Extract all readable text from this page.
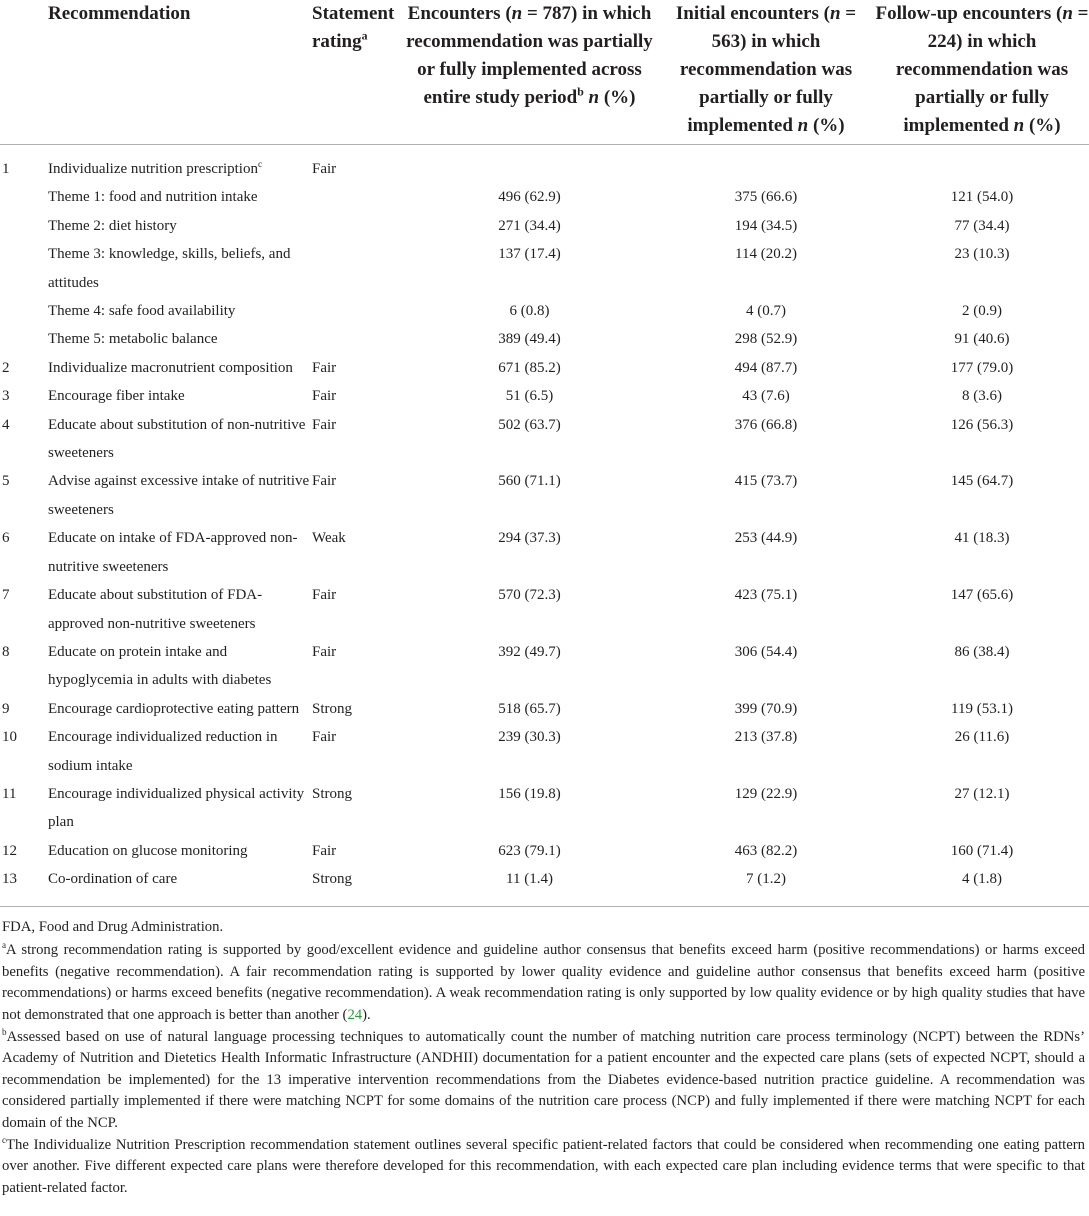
	Recommendation	Statement rating$^a$	Encounters (n = 787) in which recommendation was partially or fully implemented across entire study period$^b$ n (%)	Initial encounters (n = 563) in which recommendation was partially or fully implemented n (%)	Follow-up encounters (n = 224) in which recommendation was partially or fully implemented n (%)
1	Individualize nutrition prescription$^c$	Fair			
	Theme 1: food and nutrition intake		496 (62.9)	375 (66.6)	121 (54.0)
	Theme 2: diet history		271 (34.4)	194 (34.5)	77 (34.4)
	Theme 3: knowledge, skills, beliefs, and attitudes		137 (17.4)	114 (20.2)	23 (10.3)
	Theme 4: safe food availability		6 (0.8)	4 (0.7)	2 (0.9)
	Theme 5: metabolic balance		389 (49.4)	298 (52.9)	91 (40.6)
2	Individualize macronutrient composition	Fair	671 (85.2)	494 (87.7)	177 (79.0)
3	Encourage fiber intake	Fair	51 (6.5)	43 (7.6)	8 (3.6)
4	Educate about substitution of non-nutritive sweeteners	Fair	502 (63.7)	376 (66.8)	126 (56.3)
5	Advise against excessive intake of nutritive sweeteners	Fair	560 (71.1)	415 (73.7)	145 (64.7)
6	Educate on intake of FDA-approved non-nutritive sweeteners	Weak	294 (37.3)	253 (44.9)	41 (18.3)
7	Educate about substitution of FDA-approved non-nutritive sweeteners	Fair	570 (72.3)	423 (75.1)	147 (65.6)
8	Educate on protein intake and hypoglycemia in adults with diabetes	Fair	392 (49.7)	306 (54.4)	86 (38.4)
9	Encourage cardioprotective eating pattern	Strong	518 (65.7)	399 (70.9)	119 (53.1)
10	Encourage individualized reduction in sodium intake	Fair	239 (30.3)	213 (37.8)	26 (11.6)
11	Encourage individualized physical activity plan	Strong	156 (19.8)	129 (22.9)	27 (12.1)
12	Education on glucose monitoring	Fair	623 (79.1)	463 (82.2)	160 (71.4)
13	Co-ordination of care	Strong	11 (1.4)	7 (1.2)	4 (1.8)

FDA, Food and Drug Administration.

$^a$A strong recommendation rating is supported by good/excellent evidence and guideline author consensus that benefits exceed harm (positive recommendations) or harms exceed benefits (negative recommendation). A fair recommendation rating is supported by lower quality evidence and guideline author consensus that benefits exceed harm (positive recommendations) or harms exceed benefits (negative recommendation). A weak recommendation rating is only supported by low quality evidence or by high quality studies that have not demonstrated that one approach is better than another (24).

$^b$Assessed based on use of natural language processing techniques to automatically count the number of matching nutrition care process terminology (NCPT) between the RDNs’ Academy of Nutrition and Dietetics Health Informatic Infrastructure (ANDHII) documentation for a patient encounter and the expected care plans (sets of expected NCPT, should a recommendation be implemented) for the 13 imperative intervention recommendations from the Diabetes evidence-based nutrition practice guideline. A recommendation was considered partially implemented if there were matching NCPT for some domains of the nutrition care process (NCP) and fully implemented if there were matching NCPT for each domain of the NCP.

$^c$The Individualize Nutrition Prescription recommendation statement outlines several specific patient-related factors that could be considered when recommending one eating pattern over another. Five different expected care plans were therefore developed for this recommendation, with each expected care plan including evidence terms that were specific to that patient-related factor.
